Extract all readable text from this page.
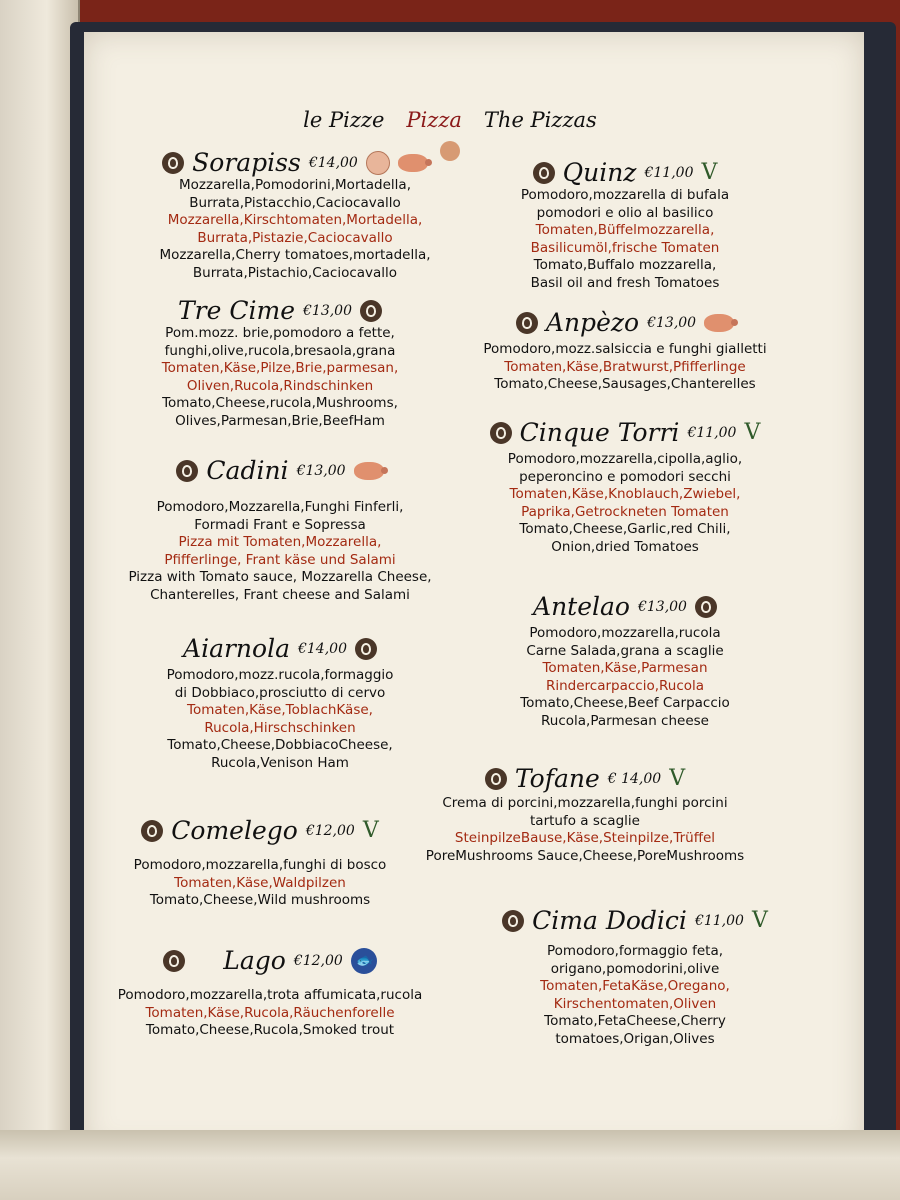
le Pizze Pizza The Pizzas
Sorapiss €14,00
Mozzarella,Pomodorini,Mortadella,
Burrata,Pistacchio,Caciocavallo
Mozzarella,Kirschtomaten,Mortadella,
Burrata,Pistazie,Caciocavallo
Mozzarella,Cherry tomatoes,mortadella,
Burrata,Pistachio,Caciocavallo
Tre Cime €13,00
Pom.mozz. brie,pomodoro a fette,
funghi,olive,rucola,bresaola,grana
Tomaten,Käse,Pilze,Brie,parmesan,
Oliven,Rucola,Rindschinken
Tomato,Cheese,rucola,Mushrooms,
Olives,Parmesan,Brie,BeefHam
Cadini €13,00
Pomodoro,Mozzarella,Funghi Finferli,
Formadi Frant e Sopressa
Pizza mit Tomaten,Mozzarella,
Pfifferlinge, Frant käse und Salami
Pizza with Tomato sauce, Mozzarella Cheese,
Chanterelles, Frant cheese and Salami
Aiarnola €14,00
Pomodoro,mozz.rucola,formaggio
di Dobbiaco,prosciutto di cervo
Tomaten,Käse,ToblachKäse,
Rucola,Hirschschinken
Tomato,Cheese,DobbiacoCheese,
Rucola,Venison Ham
Comelego €12,00 V
Pomodoro,mozzarella,funghi di bosco
Tomaten,Käse,Waldpilzen
Tomato,Cheese,Wild mushrooms
Lago €12,00 🐟
Pomodoro,mozzarella,trota affumicata,rucola
Tomaten,Käse,Rucola,Räuchenforelle
Tomato,Cheese,Rucola,Smoked trout
Quinz €11,00 V
Pomodoro,mozzarella di bufala
pomodori e olio al basilico
Tomaten,Büffelmozzarella,
Basilicumöl,frische Tomaten
Tomato,Buffalo mozzarella,
Basil oil and fresh Tomatoes
Anpèzo €13,00
Pomodoro,mozz.salsiccia e funghi gialletti
Tomaten,Käse,Bratwurst,Pfifferlinge
Tomato,Cheese,Sausages,Chanterelles
Cinque Torri €11,00 V
Pomodoro,mozzarella,cipolla,aglio,
peperoncino e pomodori secchi
Tomaten,Käse,Knoblauch,Zwiebel,
Paprika,Getrockneten Tomaten
Tomato,Cheese,Garlic,red Chili,
Onion,dried Tomatoes
Antelao €13,00
Pomodoro,mozzarella,rucola
Carne Salada,grana a scaglie
Tomaten,Käse,Parmesan
Rindercarpaccio,Rucola
Tomato,Cheese,Beef Carpaccio
Rucola,Parmesan cheese
Tofane € 14,00 V
Crema di porcini,mozzarella,funghi porcini
tartufo a scaglie
SteinpilzeBause,Käse,Steinpilze,Trüffel
PoreMushrooms Sauce,Cheese,PoreMushrooms
Cima Dodici €11,00 V
Pomodoro,formaggio feta,
origano,pomodorini,olive
Tomaten,FetaKäse,Oregano,
Kirschentomaten,Oliven
Tomato,FetaCheese,Cherry
tomatoes,Origan,Olives
